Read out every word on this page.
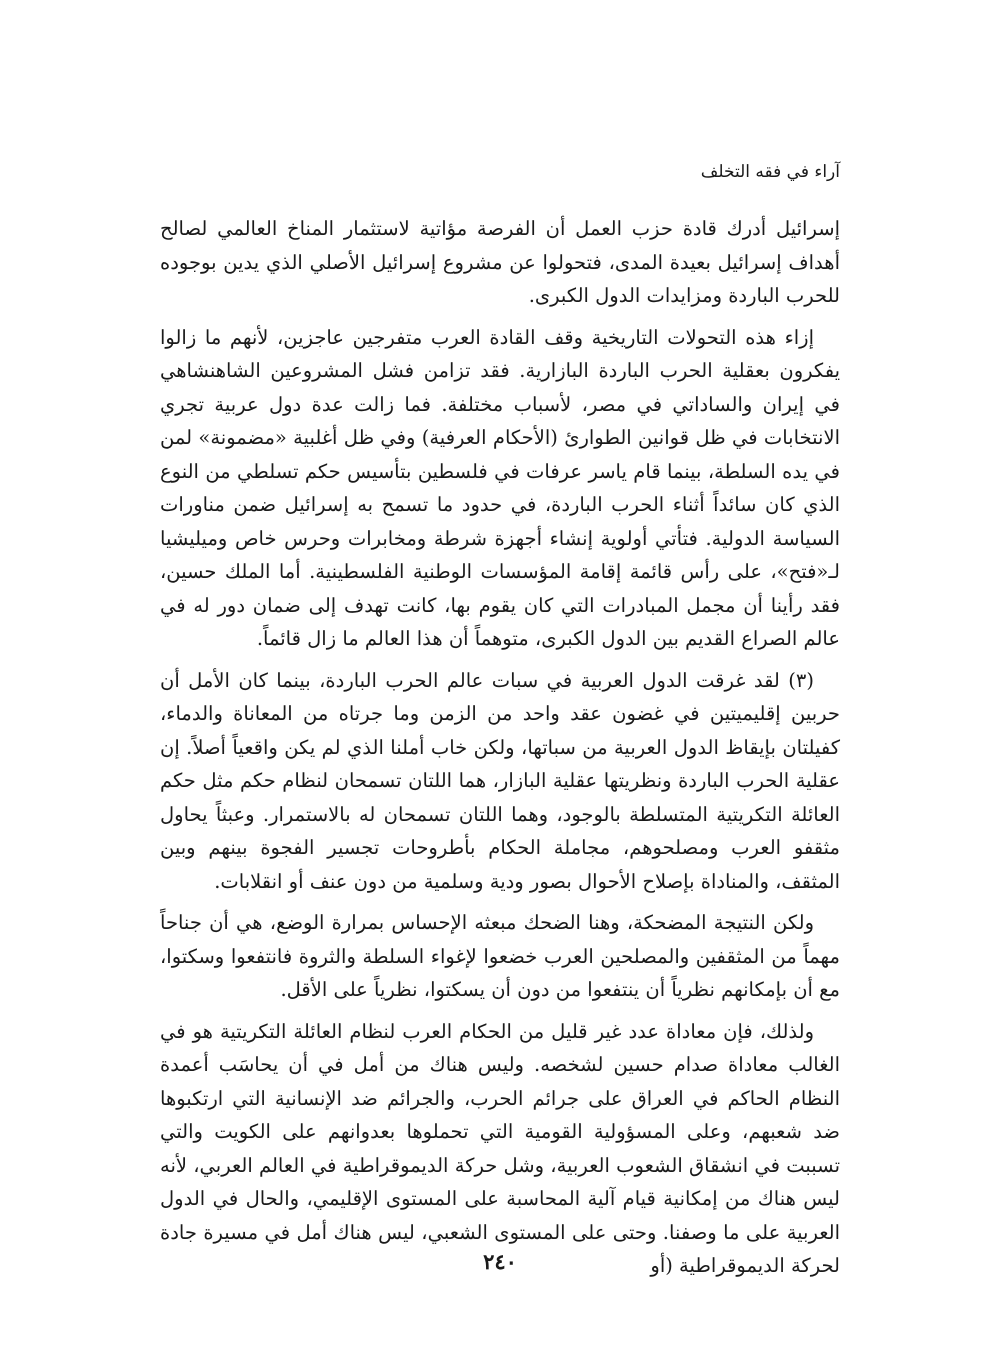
آراء في فقه التخلف

إسرائيل أدرك قادة حزب العمل أن الفرصة مؤاتية لاستثمار المناخ العالمي لصالح أهداف إسرائيل بعيدة المدى، فتحولوا عن مشروع إسرائيل الأصلي الذي يدين بوجوده للحرب الباردة ومزايدات الدول الكبرى.

إزاء هذه التحولات التاريخية وقف القادة العرب متفرجين عاجزين، لأنهم ما زالوا يفكرون بعقلية الحرب الباردة البازارية. فقد تزامن فشل المشروعين الشاهنشاهي في إيران والساداتي في مصر، لأسباب مختلفة. فما زالت عدة دول عربية تجري الانتخابات في ظل قوانين الطوارئ (الأحكام العرفية) وفي ظل أغلبية «مضمونة» لمن في يده السلطة، بينما قام ياسر عرفات في فلسطين بتأسيس حكم تسلطي من النوع الذي كان سائداً أثناء الحرب الباردة، في حدود ما تسمح به إسرائيل ضمن مناورات السياسة الدولية. فتأتي أولوية إنشاء أجهزة شرطة ومخابرات وحرس خاص وميليشيا لـ«فتح»، على رأس قائمة إقامة المؤسسات الوطنية الفلسطينية. أما الملك حسين، فقد رأينا أن مجمل المبادرات التي كان يقوم بها، كانت تهدف إلى ضمان دور له في عالم الصراع القديم بين الدول الكبرى، متوهماً أن هذا العالم ما زال قائماً.

(٣) لقد غرقت الدول العربية في سبات عالم الحرب الباردة، بينما كان الأمل أن حربين إقليميتين في غضون عقد واحد من الزمن وما جرتاه من المعاناة والدماء، كفيلتان بإيقاظ الدول العربية من سباتها، ولكن خاب أملنا الذي لم يكن واقعياً أصلاً. إن عقلية الحرب الباردة ونظريتها عقلية البازار، هما اللتان تسمحان لنظام حكم مثل حكم العائلة التكريتية المتسلطة بالوجود، وهما اللتان تسمحان له بالاستمرار. وعبثاً يحاول مثقفو العرب ومصلحوهم، مجاملة الحكام بأطروحات تجسير الفجوة بينهم وبين المثقف، والمناداة بإصلاح الأحوال بصور ودية وسلمية من دون عنف أو انقلابات.

ولكن النتيجة المضحكة، وهنا الضحك مبعثه الإحساس بمرارة الوضع، هي أن جناحاً مهماً من المثقفين والمصلحين العرب خضعوا لإغواء السلطة والثروة فانتفعوا وسكتوا، مع أن بإمكانهم نظرياً أن ينتفعوا من دون أن يسكتوا، نظرياً على الأقل.

ولذلك، فإن معاداة عدد غير قليل من الحكام العرب لنظام العائلة التكريتية هو في الغالب معاداة صدام حسين لشخصه. وليس هناك من أمل في أن يحاسَب أعمدة النظام الحاكم في العراق على جرائم الحرب، والجرائم ضد الإنسانية التي ارتكبوها ضد شعبهم، وعلى المسؤولية القومية التي تحملوها بعدوانهم على الكويت والتي تسببت في انشقاق الشعوب العربية، وشل حركة الديموقراطية في العالم العربي، لأنه ليس هناك من إمكانية قيام آلية المحاسبة على المستوى الإقليمي، والحال في الدول العربية على ما وصفنا. وحتى على المستوى الشعبي، ليس هناك أمل في مسيرة جادة لحركة الديموقراطية (أو

٢٤٠
